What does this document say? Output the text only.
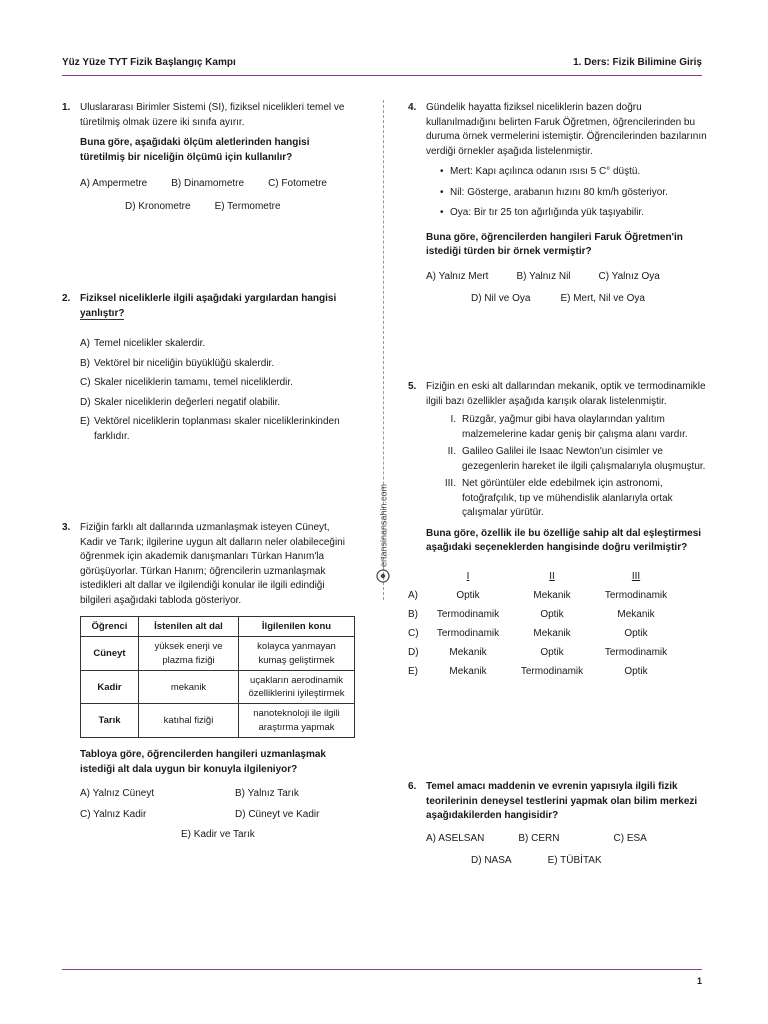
Yüz Yüze TYT Fizik Başlangıç Kampı	1. Ders: Fizik Bilimine Giriş
ertansinansahin.com
1. Uluslararası Birimler Sistemi (SI), fiziksel nicelikleri temel ve türetilmiş olmak üzere iki sınıfa ayırır.

Buna göre, aşağıdaki ölçüm aletlerinden hangisi türetilmiş bir niceliğin ölçümü için kullanılır?

A) Ampermetre B) Dinamometre C) Fotometre
D) Kronometre E) Termometre
2. Fiziksel niceliklerle ilgili aşağıdaki yargılardan hangisi yanlıştır?

A) Temel nicelikler skalerdir.
B) Vektörel bir niceliğin büyüklüğü skalerdir.
C) Skaler niceliklerin tamamı, temel niceliklerdir.
D) Skaler niceliklerin değerleri negatif olabilir.
E) Vektörel niceliklerin toplanması skaler niceliklerinkinden farklıdır.
3. Fiziğin farklı alt dallarında uzmanlaşmak isteyen Cüneyt, Kadir ve Tarık; ilgilerine uygun alt dalların neler olabileceğini öğrenmek için akademik danışmanları Türkan Hanım'la görüşüyorlar. Türkan Hanım; öğrencilerin uzmanlaşmak istedikleri alt dallar ve ilgilendiği konular ile ilgili edindiği bilgileri aşağıdaki tabloda gösteriyor.

Öğrenci	İstenilen alt dal	İlgilenilen konu
Cüneyt	yüksek enerji ve plazma fiziği	kolayca yanmayan kumaş geliştirmek
Kadir	mekanik	uçakların aerodinamik özelliklerini iyileştirmek
Tarık	katıhal fiziği	nanoteknoloji ile ilgili araştırma yapmak

Tabloya göre, öğrencilerden hangileri uzmanlaşmak istediği alt dala uygun bir konuyla ilgileniyor?

A) Yalnız Cüneyt	B) Yalnız Tarık
C) Yalnız Kadir	D) Cüneyt ve Kadir
E) Kadir ve Tarık
4. Gündelik hayatta fiziksel niceliklerin bazen doğru kullanılmadığını belirten Faruk Öğretmen, öğrencilerinden bu duruma örnek vermelerini istemiştir. Öğrencilerinden bazılarının verdiği örnekler aşağıda listelenmiştir.

• Mert: Kapı açılınca odanın ısısı 5 C° düştü.
• Nil: Gösterge, arabanın hızını 80 km/h gösteriyor.
• Oya: Bir tır 25 ton ağırlığında yük taşıyabilir.

Buna göre, öğrencilerden hangileri Faruk Öğretmen'in istediği türden bir örnek vermiştir?

A) Yalnız Mert	B) Yalnız Nil	C) Yalnız Oya
D) Nil ve Oya	E) Mert, Nil ve Oya
5. Fiziğin en eski alt dallarından mekanik, optik ve termodinamikle ilgili bazı özellikler aşağıda karışık olarak listelenmiştir.

I. Rüzgâr, yağmur gibi hava olaylarından yalıtım malzemelerine kadar geniş bir çalışma alanı vardır.
II. Galileo Galilei ile Isaac Newton'un cisimler ve gezegenlerin hareket ile ilgili çalışmalarıyla oluşmuştur.
III. Net görüntüler elde edebilmek için astronomi, fotoğrafçılık, tıp ve mühendislik alanlarıyla ortak çalışmalar yürütür.

Buna göre, özellik ile bu özelliğe sahip alt dal eşleştirmesi aşağıdaki seçeneklerden hangisinde doğru verilmiştir?

I	II	III
A)	Optik	Mekanik	Termodinamik
B)	Termodinamik	Optik	Mekanik
C)	Termodinamik	Mekanik	Optik
D)	Mekanik	Optik	Termodinamik
E)	Mekanik	Termodinamik	Optik
6. Temel amacı maddenin ve evrenin yapısıyla ilgili fizik teorilerinin deneysel testlerini yapmak olan bilim merkezi aşağıdakilerden hangisidir?

A) ASELSAN	B) CERN	C) ESA
D) NASA	E) TÜBİTAK
1
